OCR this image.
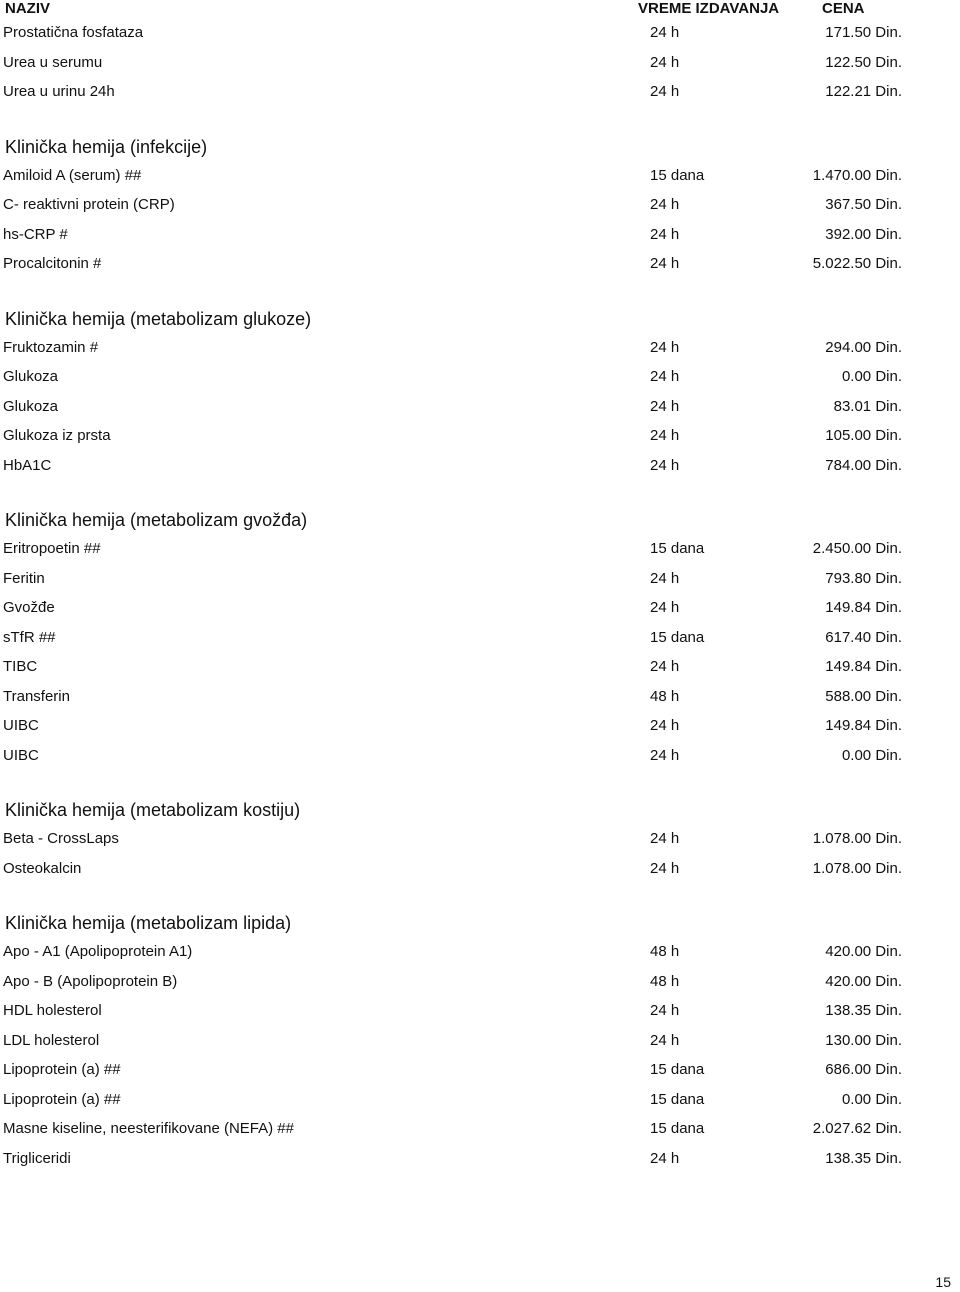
NAZIV	VREME IZDAVANJA	CENA
Prostatična fosfataza	24 h	171.50 Din.
Urea u serumu	24 h	122.50 Din.
Urea u urinu 24h	24 h	122.21 Din.
Klinička hemija (infekcije)
Amiloid A (serum) ##	15 dana	1.470.00 Din.
C- reaktivni protein (CRP)	24 h	367.50 Din.
hs-CRP #	24 h	392.00 Din.
Procalcitonin #	24 h	5.022.50 Din.
Klinička hemija (metabolizam glukoze)
Fruktozamin #	24 h	294.00 Din.
Glukoza	24 h	0.00 Din.
Glukoza	24 h	83.01 Din.
Glukoza iz prsta	24 h	105.00 Din.
HbA1C	24 h	784.00 Din.
Klinička hemija (metabolizam gvožđa)
Eritropoetin ##	15 dana	2.450.00 Din.
Feritin	24 h	793.80 Din.
Gvožđe	24 h	149.84 Din.
sTfR ##	15 dana	617.40 Din.
TIBC	24 h	149.84 Din.
Transferin	48 h	588.00 Din.
UIBC	24 h	149.84 Din.
UIBC	24 h	0.00 Din.
Klinička hemija (metabolizam kostiju)
Beta - CrossLaps	24 h	1.078.00 Din.
Osteokalcin	24 h	1.078.00 Din.
Klinička hemija (metabolizam lipida)
Apo - A1 (Apolipoprotein A1)	48 h	420.00 Din.
Apo - B (Apolipoprotein B)	48 h	420.00 Din.
HDL holesterol	24 h	138.35 Din.
LDL holesterol	24 h	130.00 Din.
Lipoprotein (a) ##	15 dana	686.00 Din.
Lipoprotein (a) ##	15 dana	0.00 Din.
Masne kiseline, neesterifikovane (NEFA) ##	15 dana	2.027.62 Din.
Trigliceridi	24 h	138.35 Din.
15
